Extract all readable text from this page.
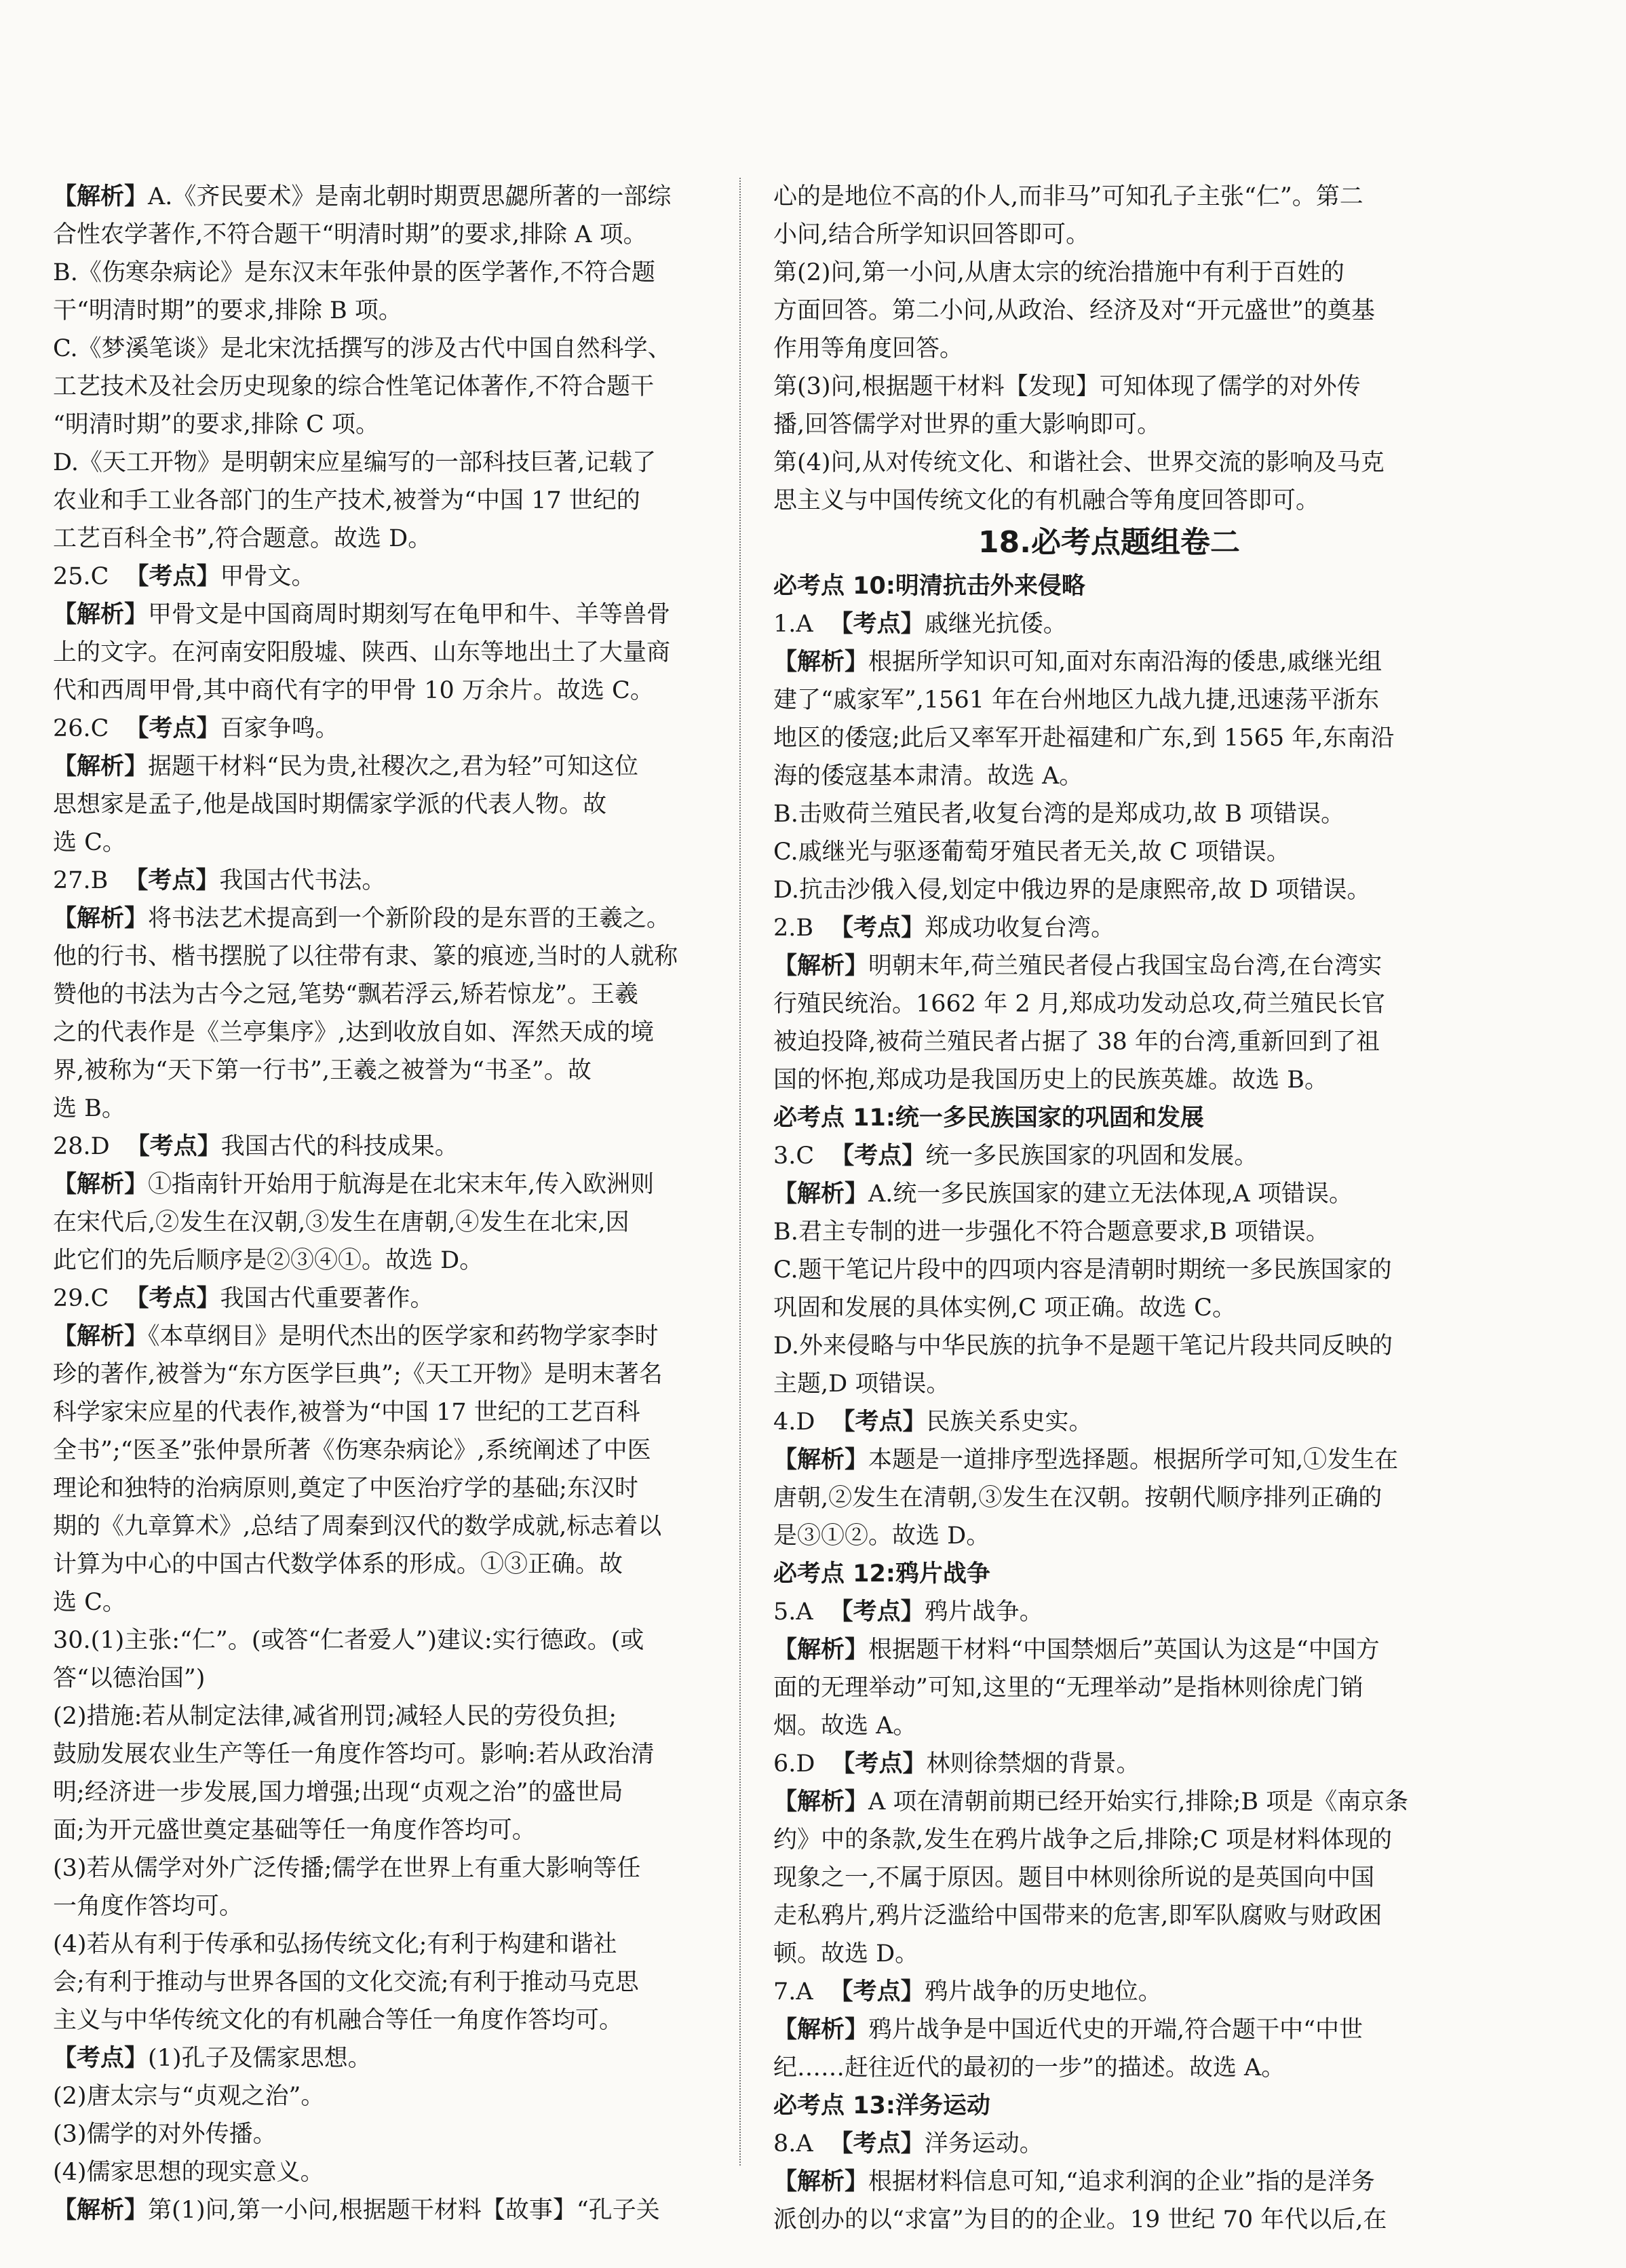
【解析】A.《齐民要术》是南北朝时期贾思勰所著的一部综
合性农学著作,不符合题干“明清时期”的要求,排除 A 项。
B.《伤寒杂病论》是东汉末年张仲景的医学著作,不符合题
干“明清时期”的要求,排除 B 项。
C.《梦溪笔谈》是北宋沈括撰写的涉及古代中国自然科学、
工艺技术及社会历史现象的综合性笔记体著作,不符合题干
“明清时期”的要求,排除 C 项。
D.《天工开物》是明朝宋应星编写的一部科技巨著,记载了
农业和手工业各部门的生产技术,被誉为“中国 17 世纪的
工艺百科全书”,符合题意。故选 D。
25.C 【考点】甲骨文。
【解析】甲骨文是中国商周时期刻写在龟甲和牛、羊等兽骨
上的文字。在河南安阳殷墟、陕西、山东等地出土了大量商
代和西周甲骨,其中商代有字的甲骨 10 万余片。故选 C。
26.C 【考点】百家争鸣。
【解析】据题干材料“民为贵,社稷次之,君为轻”可知这位
思想家是孟子,他是战国时期儒家学派的代表人物。故
选 C。
27.B 【考点】我国古代书法。
【解析】将书法艺术提高到一个新阶段的是东晋的王羲之。
他的行书、楷书摆脱了以往带有隶、篆的痕迹,当时的人就称
赞他的书法为古今之冠,笔势“飘若浮云,矫若惊龙”。王羲
之的代表作是《兰亭集序》,达到收放自如、浑然天成的境
界,被称为“天下第一行书”,王羲之被誉为“书圣”。故
选 B。
28.D 【考点】我国古代的科技成果。
【解析】①指南针开始用于航海是在北宋末年,传入欧洲则
在宋代后,②发生在汉朝,③发生在唐朝,④发生在北宋,因
此它们的先后顺序是②③④①。故选 D。
29.C 【考点】我国古代重要著作。
【解析】《本草纲目》是明代杰出的医学家和药物学家李时
珍的著作,被誉为“东方医学巨典”;《天工开物》是明末著名
科学家宋应星的代表作,被誉为“中国 17 世纪的工艺百科
全书”;“医圣”张仲景所著《伤寒杂病论》,系统阐述了中医
理论和独特的治病原则,奠定了中医治疗学的基础;东汉时
期的《九章算术》,总结了周秦到汉代的数学成就,标志着以
计算为中心的中国古代数学体系的形成。①③正确。故
选 C。
30.(1)主张:“仁”。(或答“仁者爱人”)建议:实行德政。(或
答“以德治国”)
(2)措施:若从制定法律,减省刑罚;减轻人民的劳役负担;
鼓励发展农业生产等任一角度作答均可。影响:若从政治清
明;经济进一步发展,国力增强;出现“贞观之治”的盛世局
面;为开元盛世奠定基础等任一角度作答均可。
(3)若从儒学对外广泛传播;儒学在世界上有重大影响等任
一角度作答均可。
(4)若从有利于传承和弘扬传统文化;有利于构建和谐社
会;有利于推动与世界各国的文化交流;有利于推动马克思
主义与中华传统文化的有机融合等任一角度作答均可。
【考点】(1)孔子及儒家思想。
(2)唐太宗与“贞观之治”。
(3)儒学的对外传播。
(4)儒家思想的现实意义。
【解析】第(1)问,第一小问,根据题干材料【故事】“孔子关
心的是地位不高的仆人,而非马”可知孔子主张“仁”。第二
小问,结合所学知识回答即可。
第(2)问,第一小问,从唐太宗的统治措施中有利于百姓的
方面回答。第二小问,从政治、经济及对“开元盛世”的奠基
作用等角度回答。
第(3)问,根据题干材料【发现】可知体现了儒学的对外传
播,回答儒学对世界的重大影响即可。
第(4)问,从对传统文化、和谐社会、世界交流的影响及马克
思主义与中国传统文化的有机融合等角度回答即可。
18.必考点题组卷二
必考点 10:明清抗击外来侵略
1.A 【考点】戚继光抗倭。
【解析】根据所学知识可知,面对东南沿海的倭患,戚继光组
建了“戚家军”,1561 年在台州地区九战九捷,迅速荡平浙东
地区的倭寇;此后又率军开赴福建和广东,到 1565 年,东南沿
海的倭寇基本肃清。故选 A。
B.击败荷兰殖民者,收复台湾的是郑成功,故 B 项错误。
C.戚继光与驱逐葡萄牙殖民者无关,故 C 项错误。
D.抗击沙俄入侵,划定中俄边界的是康熙帝,故 D 项错误。
2.B 【考点】郑成功收复台湾。
【解析】明朝末年,荷兰殖民者侵占我国宝岛台湾,在台湾实
行殖民统治。1662 年 2 月,郑成功发动总攻,荷兰殖民长官
被迫投降,被荷兰殖民者占据了 38 年的台湾,重新回到了祖
国的怀抱,郑成功是我国历史上的民族英雄。故选 B。
必考点 11:统一多民族国家的巩固和发展
3.C 【考点】统一多民族国家的巩固和发展。
【解析】A.统一多民族国家的建立无法体现,A 项错误。
B.君主专制的进一步强化不符合题意要求,B 项错误。
C.题干笔记片段中的四项内容是清朝时期统一多民族国家的
巩固和发展的具体实例,C 项正确。故选 C。
D.外来侵略与中华民族的抗争不是题干笔记片段共同反映的
主题,D 项错误。
4.D 【考点】民族关系史实。
【解析】本题是一道排序型选择题。根据所学可知,①发生在
唐朝,②发生在清朝,③发生在汉朝。按朝代顺序排列正确的
是③①②。故选 D。
必考点 12:鸦片战争
5.A 【考点】鸦片战争。
【解析】根据题干材料“中国禁烟后”英国认为这是“中国方
面的无理举动”可知,这里的“无理举动”是指林则徐虎门销
烟。故选 A。
6.D 【考点】林则徐禁烟的背景。
【解析】A 项在清朝前期已经开始实行,排除;B 项是《南京条
约》中的条款,发生在鸦片战争之后,排除;C 项是材料体现的
现象之一,不属于原因。题目中林则徐所说的是英国向中国
走私鸦片,鸦片泛滥给中国带来的危害,即军队腐败与财政困
顿。故选 D。
7.A 【考点】鸦片战争的历史地位。
【解析】鸦片战争是中国近代史的开端,符合题干中“中世
纪……赶往近代的最初的一步”的描述。故选 A。
必考点 13:洋务运动
8.A 【考点】洋务运动。
【解析】根据材料信息可知,“追求利润的企业”指的是洋务
派创办的以“求富”为目的的企业。19 世纪 70 年代以后,在
